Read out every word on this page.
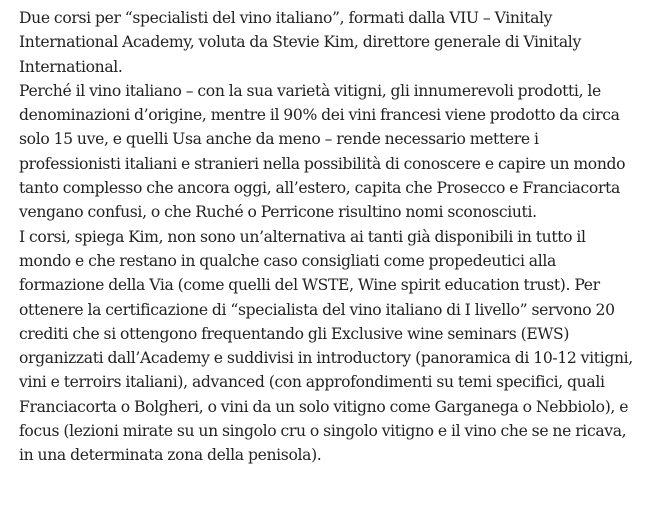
Due corsi per “specialisti del vino italiano”, formati dalla VIU – Vinitaly International Academy, voluta da Stevie Kim, direttore generale di Vinitaly International.

Perché il vino italiano – con la sua varietà vitigni, gli innumerevoli prodotti, le denominazioni d’origine, mentre il 90% dei vini francesi viene prodotto da circa solo 15 uve, e quelli Usa anche da meno – rende necessario mettere i professionisti italiani e stranieri nella possibilità di conoscere e capire un mondo tanto complesso che ancora oggi, all’estero, capita che Prosecco e Franciacorta vengano confusi, o che Ruché o Perricone risultino nomi sconosciuti.

I corsi, spiega Kim, non sono un’alternativa ai tanti già disponibili in tutto il mondo e che restano in qualche caso consigliati come propedeutici alla formazione della Via (come quelli del WSTE, Wine spirit education trust). Per ottenere la certificazione di “specialista del vino italiano di I livello” servono 20 crediti che si ottengono frequentando gli Exclusive wine seminars (EWS) organizzati dall’Academy e suddivisi in introductory (panoramica di 10-12 vitigni, vini e terroirs italiani), advanced (con approfondimenti su temi specifici, quali Franciacorta o Bolgheri, o vini da un solo vitigno come Garganega o Nebbiolo), e focus (lezioni mirate su un singolo cru o singolo vitigno e il vino che se ne ricava, in una determinata zona della penisola).
